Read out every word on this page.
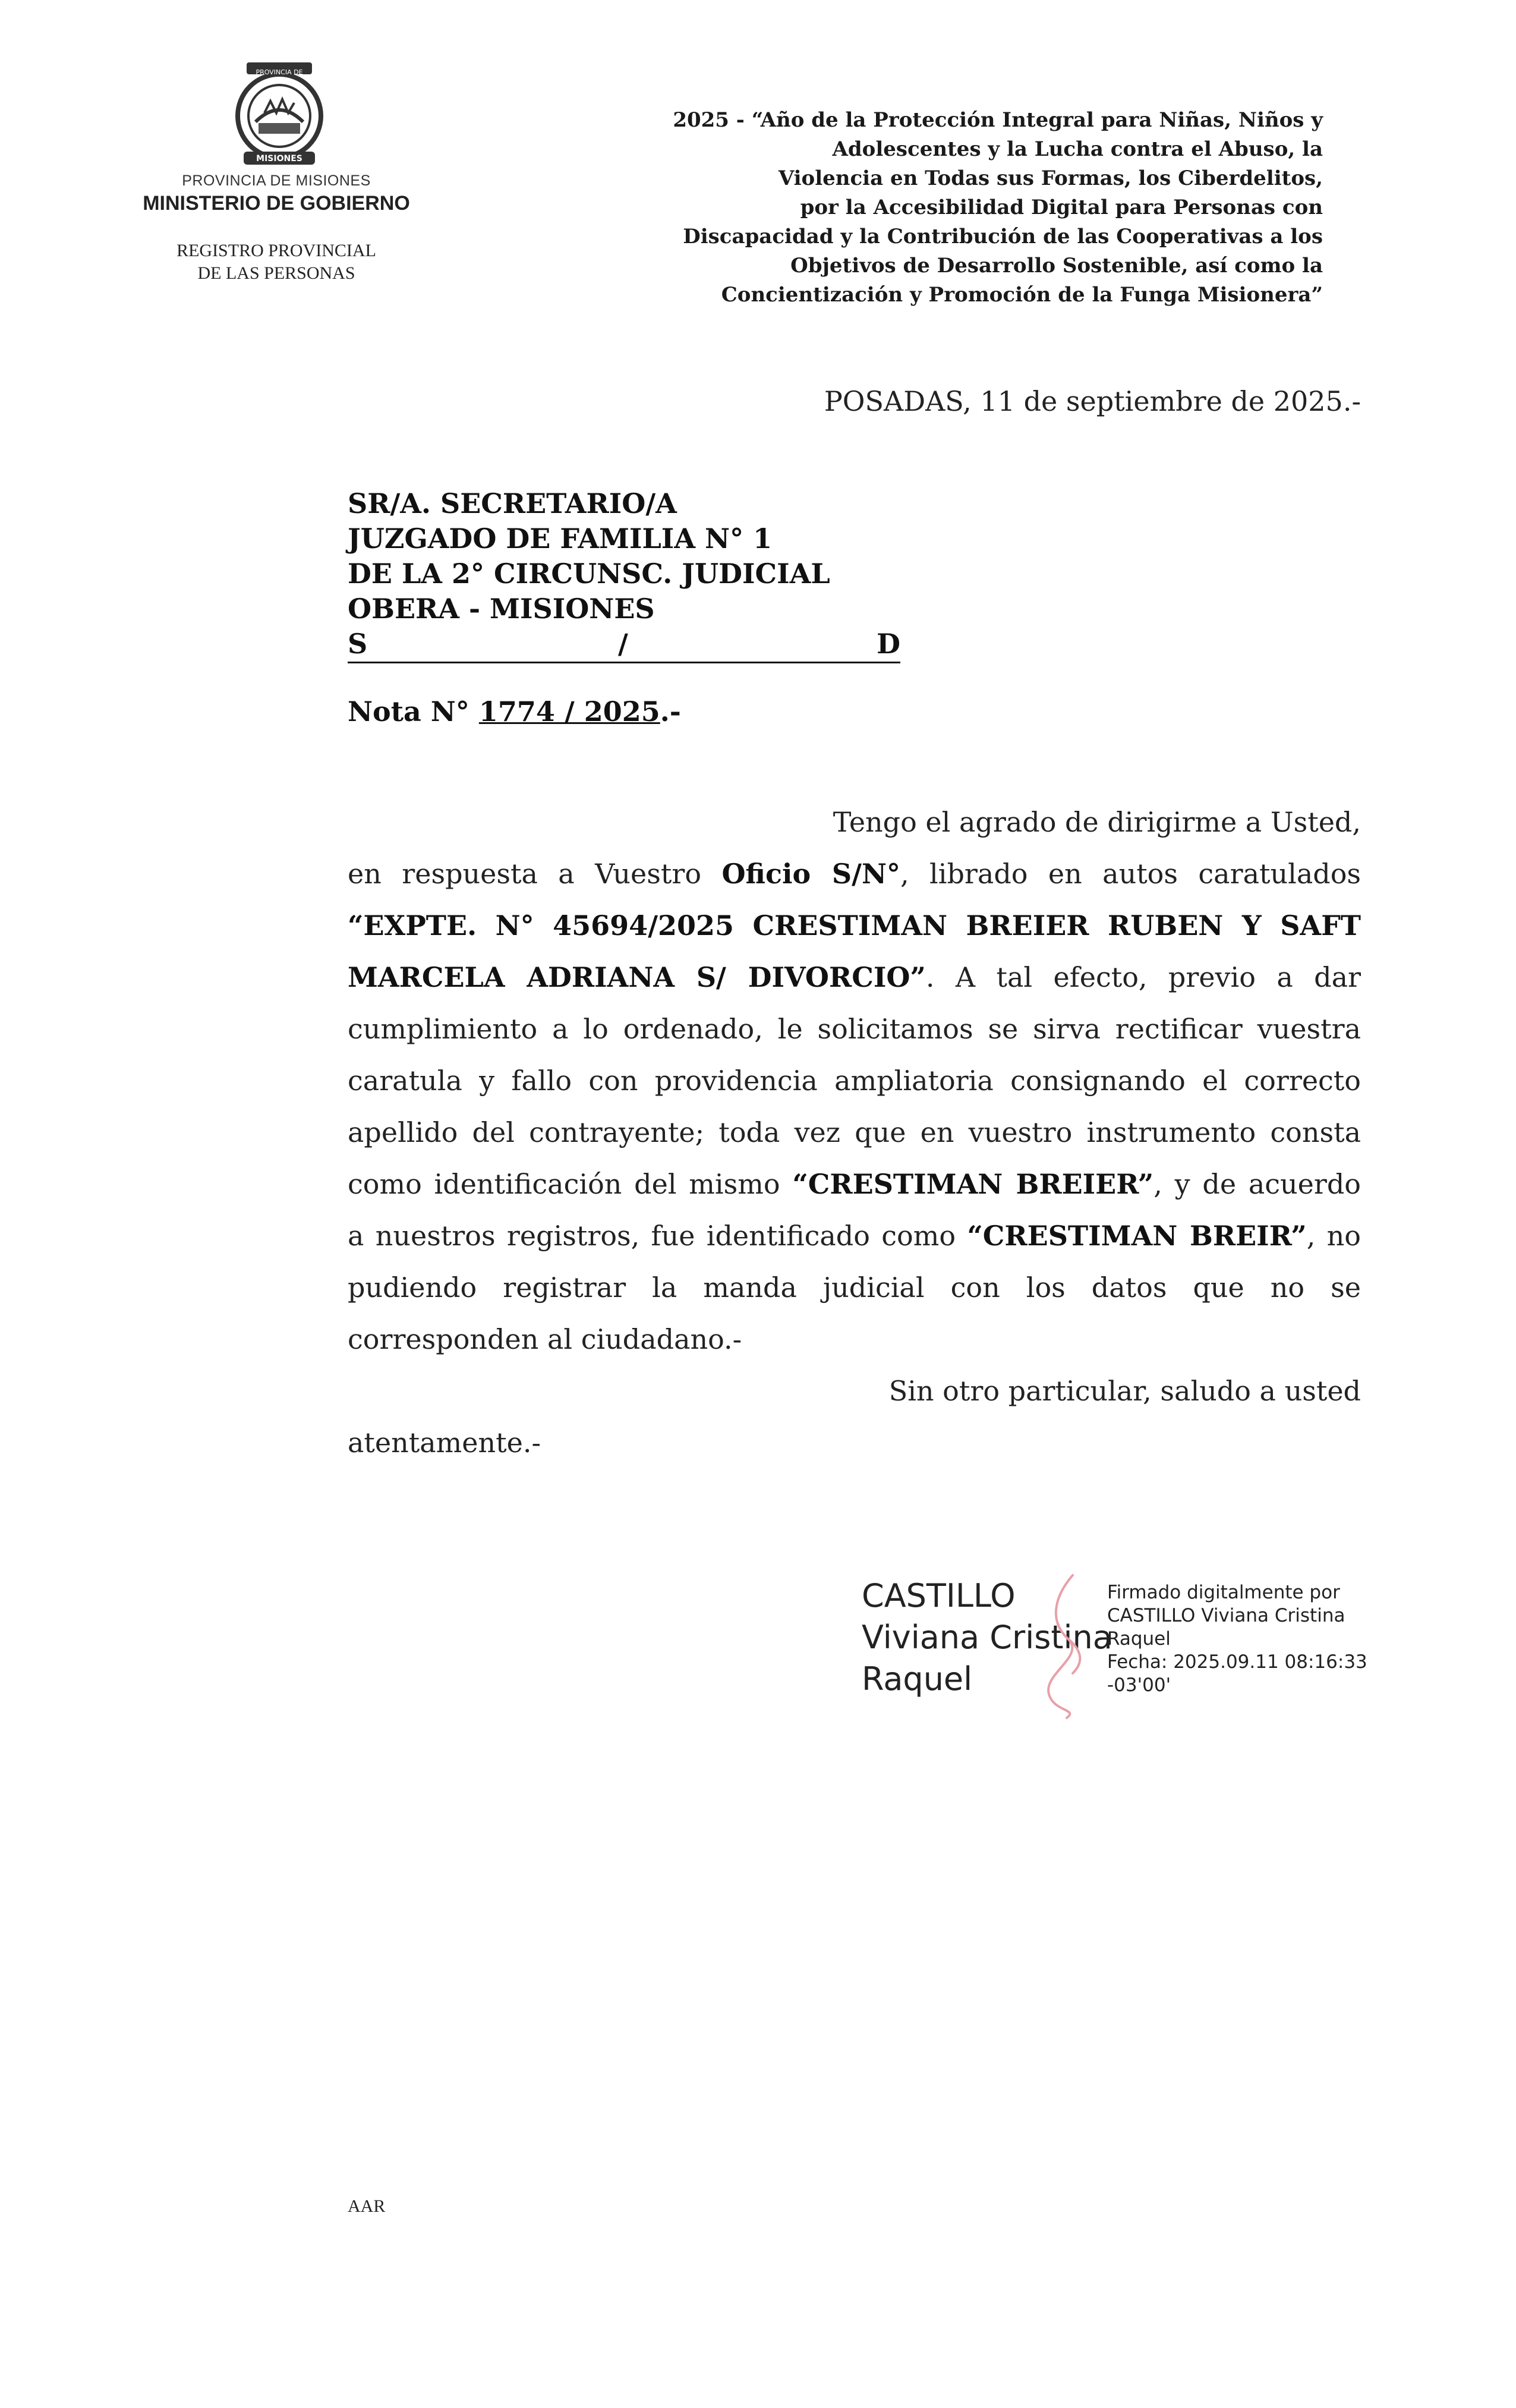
PROVINCIA DE
MISIONES
PROVINCIA DE MISIONES
MINISTERIO DE GOBIERNO
REGISTRO PROVINCIAL
DE LAS PERSONAS
2025 - “Año de la Protección Integral para Niñas, Niños y
Adolescentes y la Lucha contra el Abuso, la
Violencia en Todas sus Formas, los Ciberdelitos,
por la Accesibilidad Digital para Personas con
Discapacidad y la Contribución de las Cooperativas a los
Objetivos de Desarrollo Sostenible, así como la
Concientización y Promoción de la Funga Misionera”
POSADAS, 11 de septiembre de 2025.-
SR/A. SECRETARIO/A
JUZGADO DE FAMILIA N° 1
DE LA 2° CIRCUNSC. JUDICIAL
OBERA - MISIONES
S	/	D
Nota N° 1774 / 2025.-
Tengo el agrado de dirigirme a Usted,
en respuesta a Vuestro Oficio S/N°, librado en autos caratulados
“EXPTE. N° 45694/2025 CRESTIMAN BREIER RUBEN Y SAFT
MARCELA ADRIANA S/ DIVORCIO”. A tal efecto, previo a dar
cumplimiento a lo ordenado, le solicitamos se sirva rectificar vuestra
caratula y fallo con providencia ampliatoria consignando el correcto
apellido del contrayente; toda vez que en vuestro instrumento consta
como identificación del mismo “CRESTIMAN BREIER”, y de acuerdo
a nuestros registros, fue identificado como “CRESTIMAN BREIR”, no
pudiendo registrar la manda judicial con los datos que no se
corresponden al ciudadano.-
Sin otro particular, saludo a usted
atentamente.-
CASTILLO
Viviana Cristina
Raquel
Firmado digitalmente por
CASTILLO Viviana Cristina
Raquel
Fecha: 2025.09.11 08:16:33
-03'00'
AAR
